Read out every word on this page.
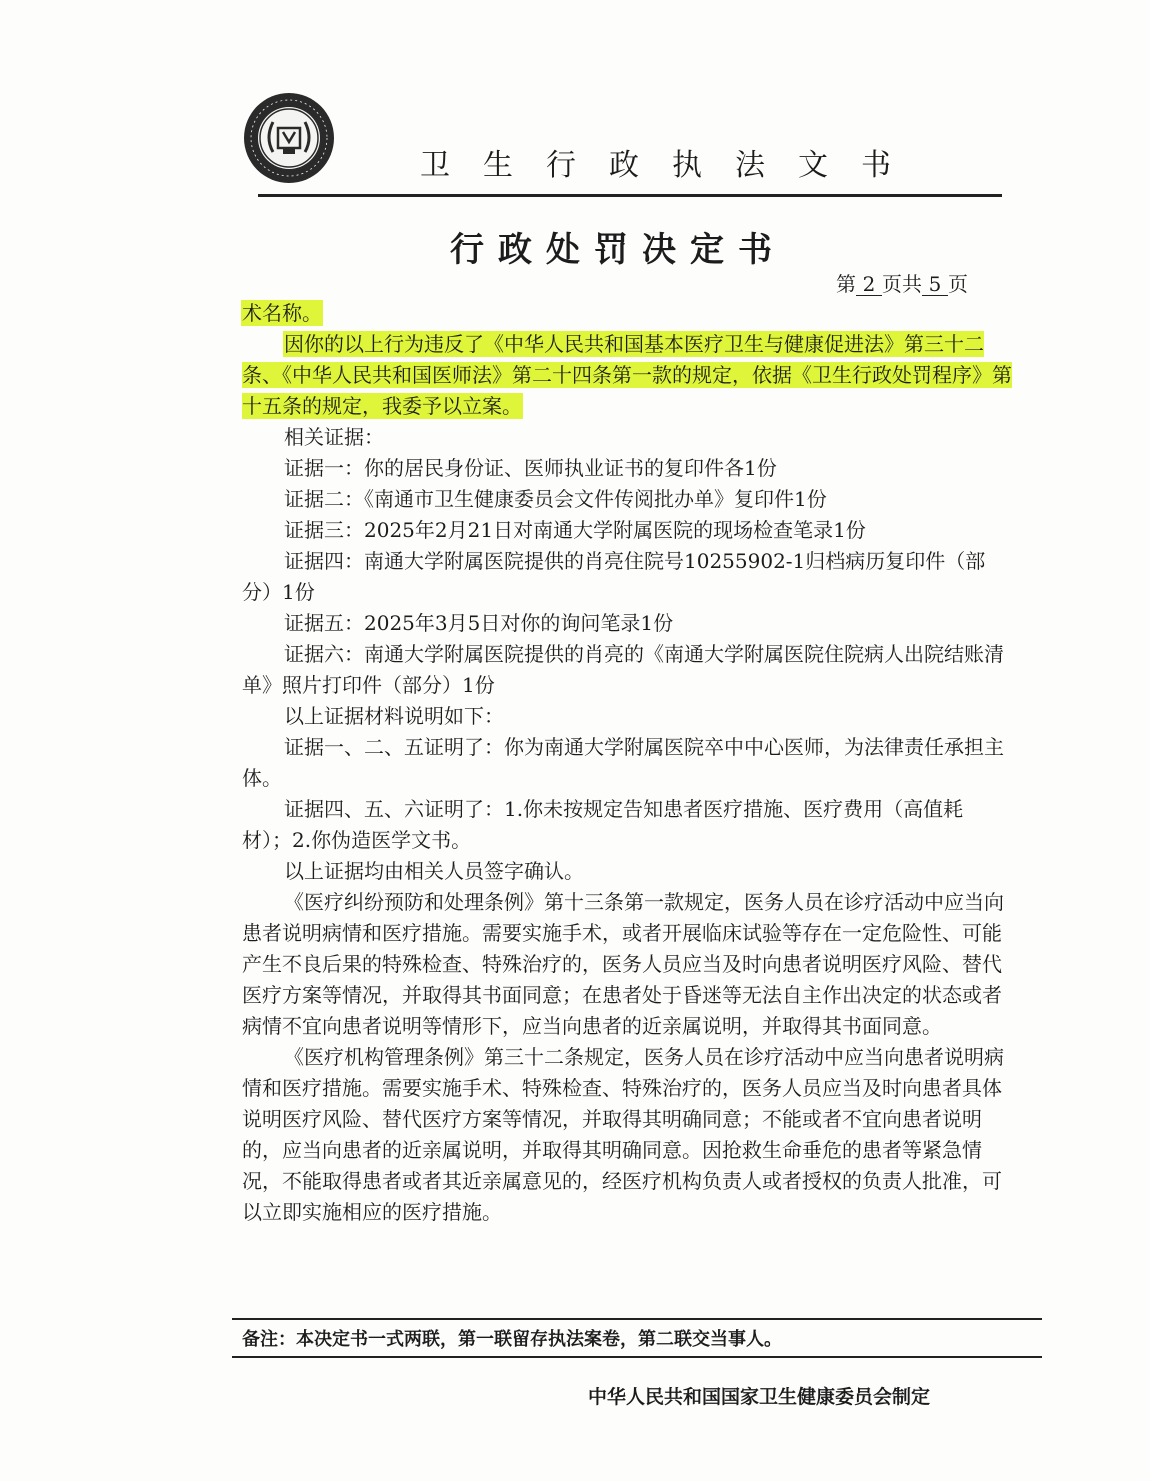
卫生行政执法文书
行政处罚决定书
第 2 页共 5 页

术名称。

因你的以上行为违反了《中华人民共和国基本医疗卫生与健康促进法》第三十二条、《中华人民共和国医师法》第二十四条第一款的规定，依据《卫生行政处罚程序》第十五条的规定，我委予以立案。

相关证据：

证据一：你的居民身份证、医师执业证书的复印件各1份

证据二：《南通市卫生健康委员会文件传阅批办单》复印件1份

证据三：2025年2月21日对南通大学附属医院的现场检查笔录1份

证据四：南通大学附属医院提供的肖亮住院号10255902-1归档病历复印件（部分）1份

证据五：2025年3月5日对你的询问笔录1份

证据六：南通大学附属医院提供的肖亮的《南通大学附属医院住院病人出院结账清单》照片打印件（部分）1份

以上证据材料说明如下：

证据一、二、五证明了：你为南通大学附属医院卒中中心医师，为法律责任承担主体。

证据四、五、六证明了：1.你未按规定告知患者医疗措施、医疗费用（高值耗材）；2.你伪造医学文书。

以上证据均由相关人员签字确认。

《医疗纠纷预防和处理条例》第十三条第一款规定，医务人员在诊疗活动中应当向患者说明病情和医疗措施。需要实施手术，或者开展临床试验等存在一定危险性、可能产生不良后果的特殊检查、特殊治疗的，医务人员应当及时向患者说明医疗风险、替代医疗方案等情况，并取得其书面同意；在患者处于昏迷等无法自主作出决定的状态或者病情不宜向患者说明等情形下，应当向患者的近亲属说明，并取得其书面同意。

《医疗机构管理条例》第三十二条规定，医务人员在诊疗活动中应当向患者说明病情和医疗措施。需要实施手术、特殊检查、特殊治疗的，医务人员应当及时向患者具体说明医疗风险、替代医疗方案等情况，并取得其明确同意；不能或者不宜向患者说明的，应当向患者的近亲属说明，并取得其明确同意。因抢救生命垂危的患者等紧急情况，不能取得患者或者其近亲属意见的，经医疗机构负责人或者授权的负责人批准，可以立即实施相应的医疗措施。

备注：本决定书一式两联，第一联留存执法案卷，第二联交当事人。
中华人民共和国国家卫生健康委员会制定
